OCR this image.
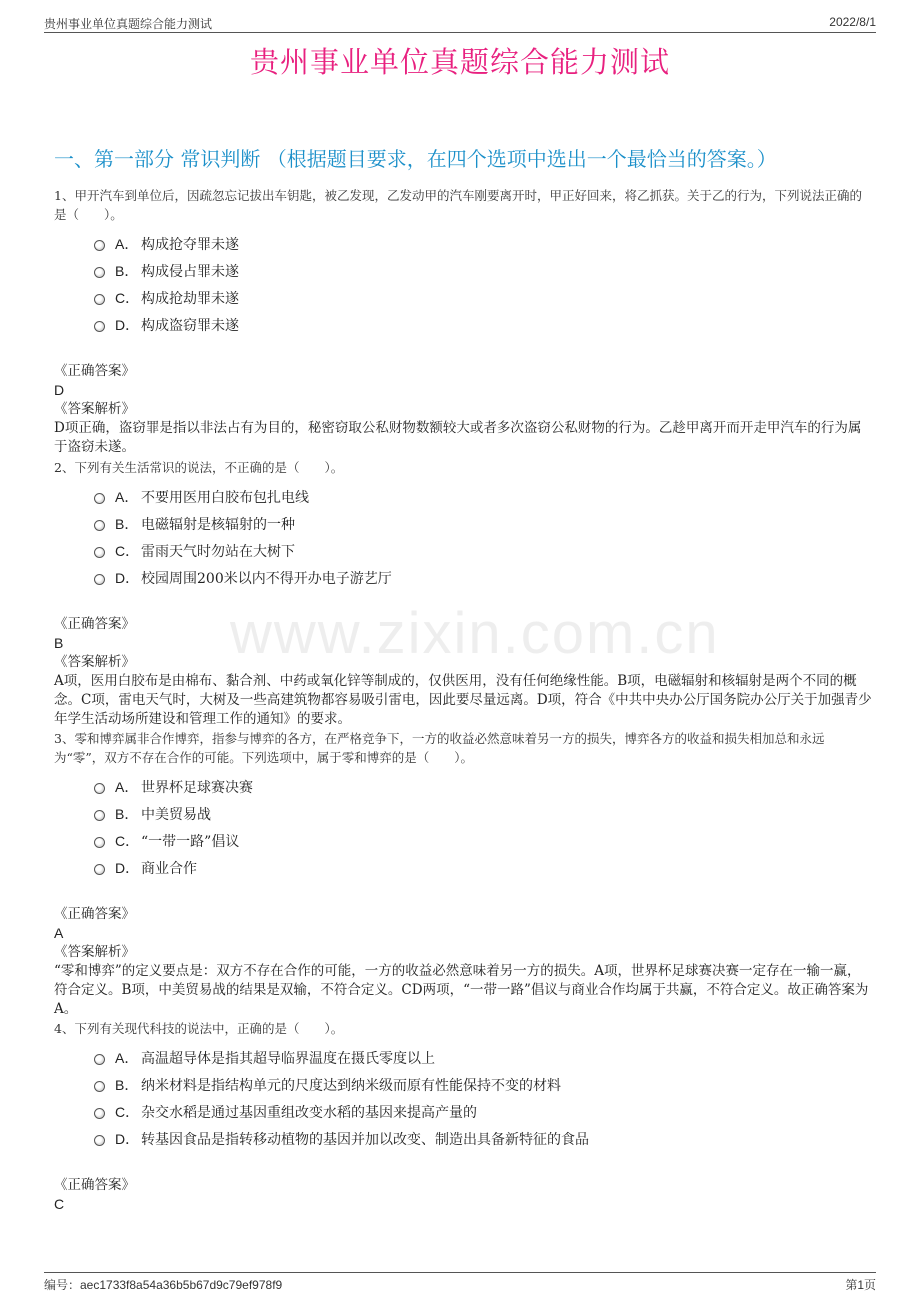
贵州事业单位真题综合能力测试	2022/8/1
贵州事业单位真题综合能力测试
一、第一部分 常识判断 （根据题目要求，在四个选项中选出一个最恰当的答案。）
www.zixin.com.cn

1、甲开汽车到单位后，因疏忽忘记拔出车钥匙，被乙发现，乙发动甲的汽车刚要离开时，甲正好回来，将乙抓获。关于乙的行为，下列说法正确的是（　　）。

A． 构成抢夺罪未遂
B． 构成侵占罪未遂
C． 构成抢劫罪未遂
D． 构成盗窃罪未遂
《正确答案》
D
《答案解析》

D项正确，盗窃罪是指以非法占有为目的，秘密窃取公私财物数额较大或者多次盗窃公私财物的行为。乙趁甲离开而开走甲汽车的行为属于盗窃未遂。

2、下列有关生活常识的说法，不正确的是（　　）。

A． 不要用医用白胶布包扎电线
B． 电磁辐射是核辐射的一种
C． 雷雨天气时勿站在大树下
D． 校园周围200米以内不得开办电子游艺厅
《正确答案》
B
《答案解析》

A项，医用白胶布是由棉布、黏合剂、中药或氧化锌等制成的，仅供医用，没有任何绝缘性能。B项，电磁辐射和核辐射是两个不同的概念。C项，雷电天气时，大树及一些高建筑物都容易吸引雷电，因此要尽量远离。D项，符合《中共中央办公厅国务院办公厅关于加强青少年学生活动场所建设和管理工作的通知》的要求。

3、零和博弈属非合作博弈，指参与博弈的各方，在严格竞争下，一方的收益必然意味着另一方的损失，博弈各方的收益和损失相加总和永远为“零”，双方不存在合作的可能。下列选项中，属于零和博弈的是（　　）。

A． 世界杯足球赛决赛
B． 中美贸易战
C． “一带一路”倡议
D． 商业合作
《正确答案》
A
《答案解析》

“零和博弈”的定义要点是：双方不存在合作的可能，一方的收益必然意味着另一方的损失。A项，世界杯足球赛决赛一定存在一输一赢，符合定义。B项，中美贸易战的结果是双输，不符合定义。CD两项，“一带一路”倡议与商业合作均属于共赢，不符合定义。故正确答案为A。

4、下列有关现代科技的说法中，正确的是（　　）。

A． 高温超导体是指其超导临界温度在摄氏零度以上
B． 纳米材料是指结构单元的尺度达到纳米级而原有性能保持不变的材料
C． 杂交水稻是通过基因重组改变水稻的基因来提高产量的
D． 转基因食品是指转移动植物的基因并加以改变、制造出具备新特征的食品
《正确答案》
C
编号：aec1733f8a54a36b5b67d9c79ef978f9	第1页
